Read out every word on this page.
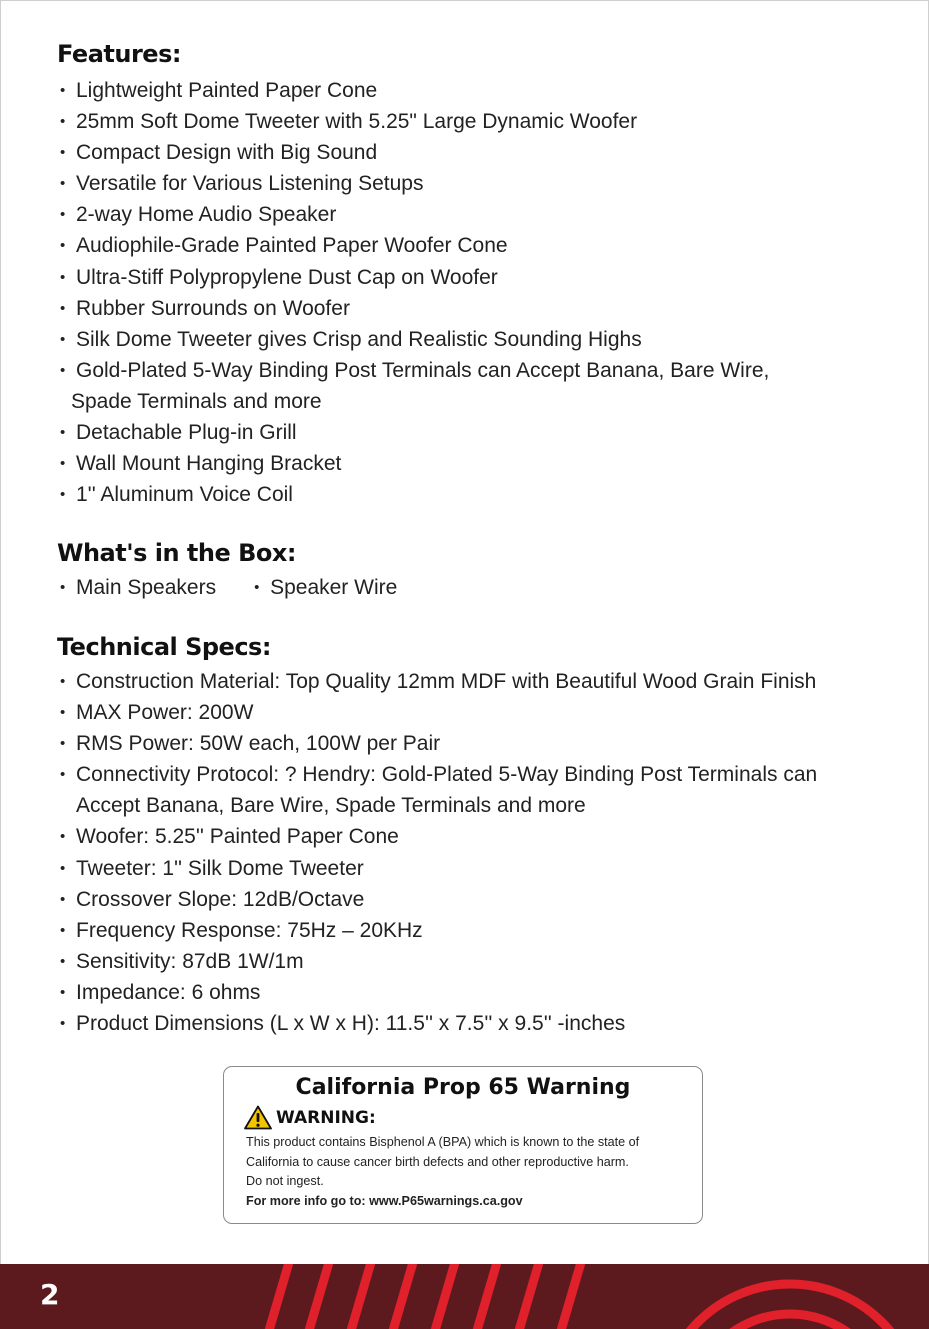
Features:
• Lightweight Painted Paper Cone
• 25mm Soft Dome Tweeter with 5.25" Large Dynamic Woofer
• Compact Design with Big Sound
• Versatile for Various Listening Setups
• 2-way Home Audio Speaker
• Audiophile-Grade Painted Paper Woofer Cone
• Ultra-Stiff Polypropylene Dust Cap on Woofer
• Rubber Surrounds on Woofer
• Silk Dome Tweeter gives Crisp and Realistic Sounding Highs
• Gold-Plated 5-Way Binding Post Terminals can Accept Banana, Bare Wire,
Spade Terminals and more
• Detachable Plug-in Grill
• Wall Mount Hanging Bracket
• 1'' Aluminum Voice Coil
What's in the Box:
• Main Speakers
•	Speaker Wire
Technical Specs:
• Construction Material: Top Quality 12mm MDF with Beautiful Wood Grain Finish
• MAX Power: 200W
• RMS Power: 50W each, 100W per Pair
• Connectivity Protocol: ? Hendry: Gold-Plated 5-Way Binding Post Terminals can
Accept Banana, Bare Wire, Spade Terminals and more
• Woofer: 5.25'' Painted Paper Cone
• Tweeter: 1'' Silk Dome Tweeter
• Crossover Slope: 12dB/Octave
• Frequency Response: 75Hz – 20KHz
• Sensitivity: 87dB 1W/1m
• Impedance: 6 ohms
• Product Dimensions (L x W x H): 11.5'' x 7.5'' x 9.5'' -inches
California Prop 65 Warning
WARNING:
This product contains Bisphenol A (BPA) which is known to the state of
California to cause cancer birth defects and other reproductive harm.
Do not ingest.
For more info go to: www.P65warnings.ca.gov
2
